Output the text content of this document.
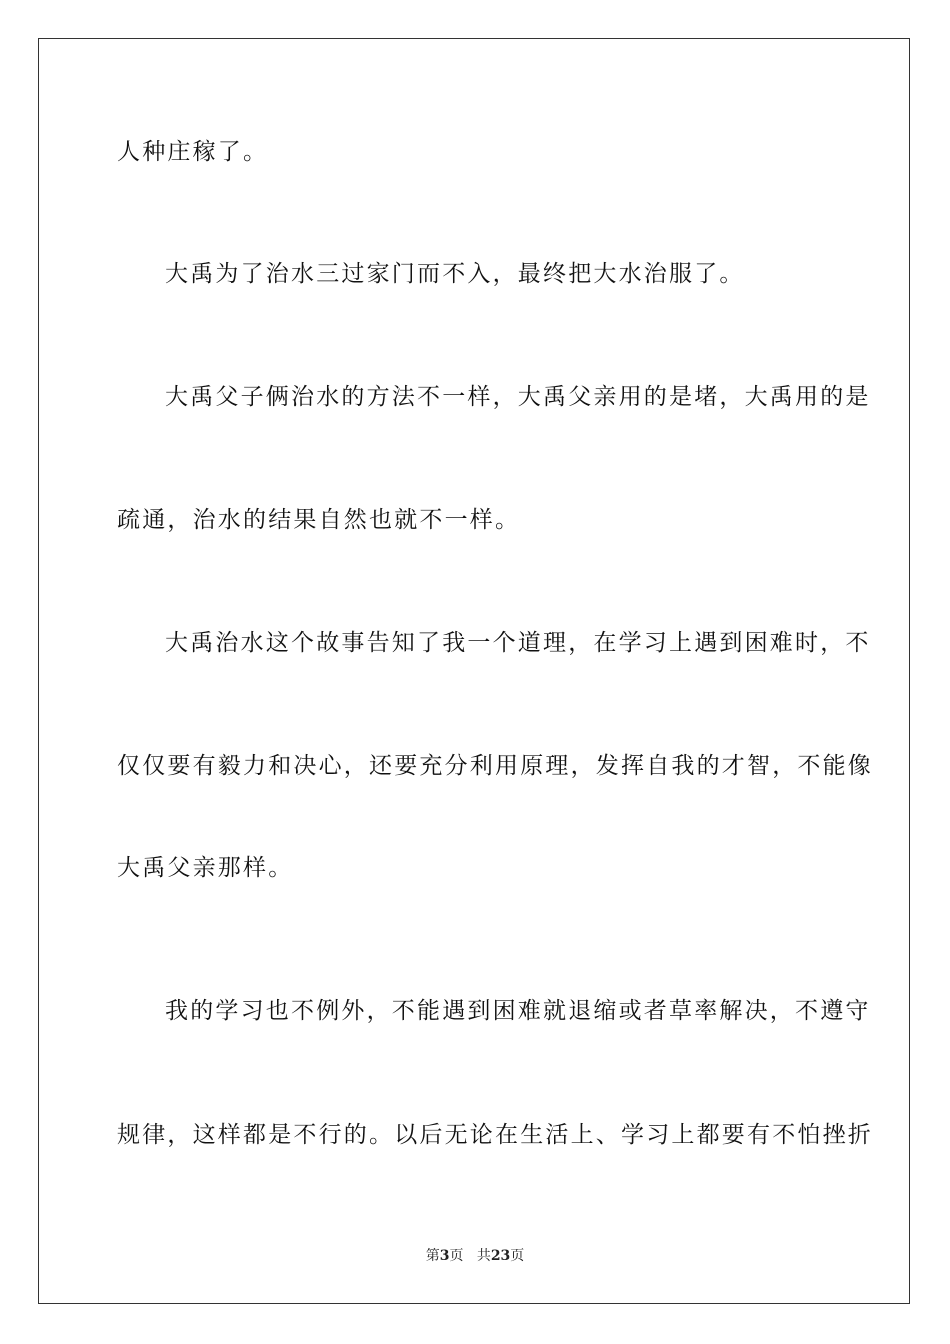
人种庄稼了。
大禹为了治水三过家门而不入，最终把大水治服了。
大禹父子俩治水的方法不一样，大禹父亲用的是堵，大禹用的是
疏通，治水的结果自然也就不一样。
大禹治水这个故事告知了我一个道理，在学习上遇到困难时，不
仅仅要有毅力和决心，还要充分利用原理，发挥自我的才智，不能像
大禹父亲那样。
我的学习也不例外，不能遇到困难就退缩或者草率解决，不遵守
规律，这样都是不行的。以后无论在生活上、学习上都要有不怕挫折
第3页 共23页
